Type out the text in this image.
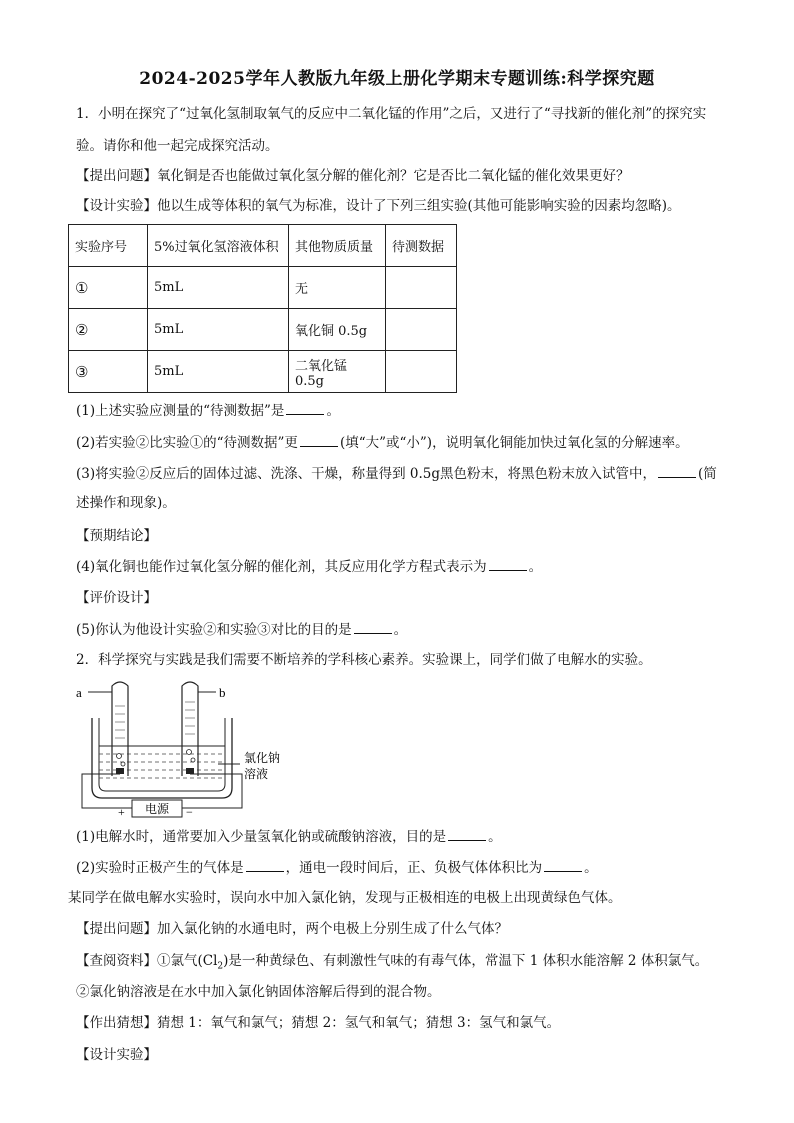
2024-2025学年人教版九年级上册化学期末专题训练:科学探究题
1．小明在探究了“过氧化氢制取氧气的反应中二氧化锰的作用”之后，又进行了“寻找新的催化剂”的探究实
验。请你和他一起完成探究活动。
【提出问题】氧化铜是否也能做过氧化氢分解的催化剂？它是否比二氧化锰的催化效果更好？
【设计实验】他以生成等体积的氧气为标准，设计了下列三组实验(其他可能影响实验的因素均忽略)。
实验序号	5%过氧化氢溶液体积	其他物质质量	待测数据
①	5mL	无	
②	5mL	氧化铜 0.5g	
③	5mL	二氧化锰 0.5g	
(1)上述实验应测量的“待测数据”是	。
(2)若实验②比实验①的“待测数据”更	(填“大”或“小”)，说明氧化铜能加快过氧化氢的分解速率。
(3)将实验②反应后的固体过滤、洗涤、干燥，称量得到 0.5g黑色粉末，将黑色粉末放入试管中，	(简
述操作和现象)。
【预期结论】
(4)氧化铜也能作过氧化氢分解的催化剂，其反应用化学方程式表示为	。
【评价设计】
(5)你认为他设计实验②和实验③对比的目的是	。
2．科学探究与实践是我们需要不断培养的学科核心素养。实验课上，同学们做了电解水的实验。
a	b
氯化钠
溶液
电源
+	−
(1)电解水时，通常要加入少量氢氧化钠或硫酸钠溶液，目的是	。
(2)实验时正极产生的气体是	，通电一段时间后，正、负极气体体积比为	。
某同学在做电解水实验时，误向水中加入氯化钠，发现与正极相连的电极上出现黄绿色气体。
【提出问题】加入氯化钠的水通电时，两个电极上分别生成了什么气体？
【查阅资料】①氯气$(Cl_2)$是一种黄绿色、有刺激性气味的有毒气体，常温下 1 体积水能溶解 2 体积氯气。
②氯化钠溶液是在水中加入氯化钠固体溶解后得到的混合物。
【作出猜想】猜想 1：氧气和氯气；猜想 2：氢气和氧气；猜想 3：氢气和氯气。
【设计实验】
